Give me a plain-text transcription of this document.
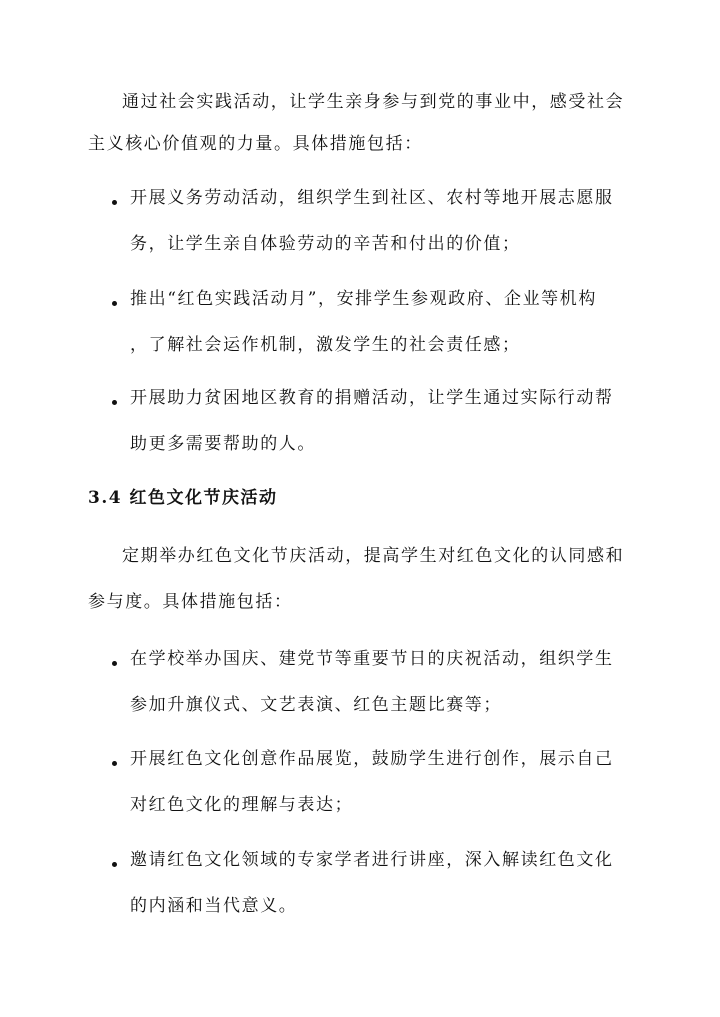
通过社会实践活动，让学生亲身参与到党的事业中，感受社会
主义核心价值观的力量。具体措施包括：
开展义务劳动活动，组织学生到社区、农村等地开展志愿服
务，让学生亲自体验劳动的辛苦和付出的价值；
推出“红色实践活动月”，安排学生参观政府、企业等机构
，了解社会运作机制，激发学生的社会责任感；
开展助力贫困地区教育的捐赠活动，让学生通过实际行动帮
助更多需要帮助的人。
3.4 红色文化节庆活动
定期举办红色文化节庆活动，提高学生对红色文化的认同感和
参与度。具体措施包括：
在学校举办国庆、建党节等重要节日的庆祝活动，组织学生
参加升旗仪式、文艺表演、红色主题比赛等；
开展红色文化创意作品展览，鼓励学生进行创作，展示自己
对红色文化的理解与表达；
邀请红色文化领域的专家学者进行讲座，深入解读红色文化
的内涵和当代意义。
